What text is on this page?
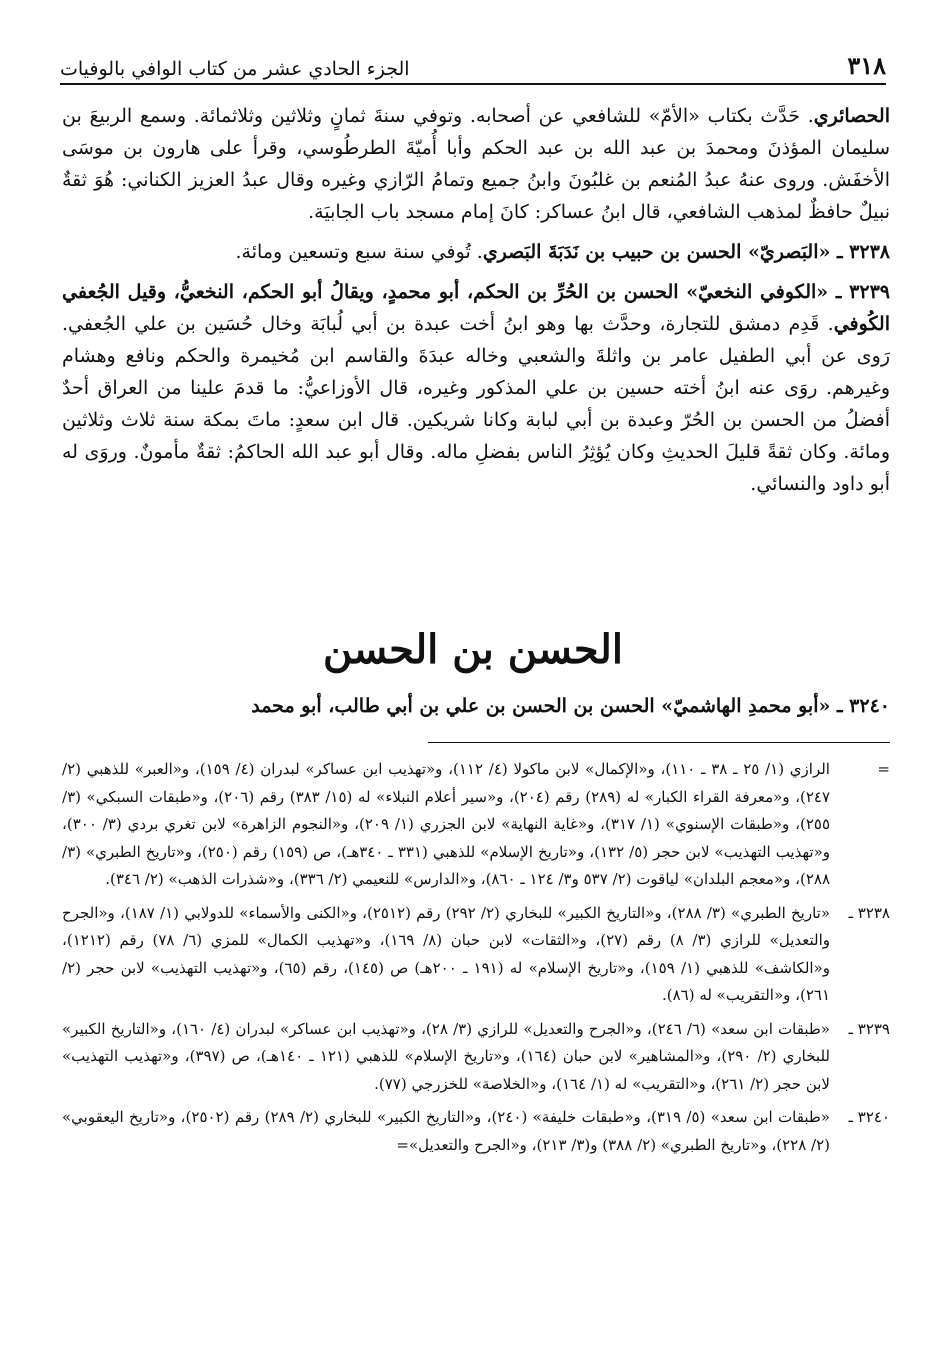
٣١٨
الجزء الحادي عشر من كتاب الوافي بالوفيات

الحصائري. حَدَّث بكتاب «الأمّ» للشافعي عن أصحابه. وتوفي سنةَ ثمانٍ وثلاثين وثلاثمائة. وسمع الربيعَ بن سليمان المؤذنَ ومحمدَ بن عبد الله بن عبد الحكم وأبا أُميّةَ الطرطُوسي، وقرأ على هارون بن موسَى الأخفَش. وروى عنهُ عبدُ المُنعم بن غلبُونَ وابنُ جميع وتمامُ الرّازي وغيره وقال عبدُ العزيز الكناني: هُوَ ثقةٌ نبيلٌ حافظٌ لمذهب الشافعي، قال ابنُ عساكر: كانَ إمام مسجد باب الجابيَة.

٣٢٣٨ ـ «البَصريّ» الحسن بن حبيب بن نَدَبَةَ البَصري. تُوفي سنة سبع وتسعين ومائة.

٣٢٣٩ ـ «الكوفي النخعيّ» الحسن بن الحُرِّ بن الحكم، أبو محمدٍ، ويقالُ أبو الحكم، النخعيُّ، وقيل الجُعفي الكُوفي. قَدِم دمشق للتجارة، وحدَّث بها وهو ابنُ أخت عبدة بن أبي لُبابَة وخال حُسَين بن علي الجُعفي. رَوى عن أبي الطفيل عامر بن واثلةَ والشعبي وخاله عبدَةَ والقاسم ابن مُخيمرة والحكم ونافع وهشام وغيرهم. روَى عنه ابنُ أخته حسين بن علي المذكور وغيره، قال الأوزاعيُّ: ما قدمَ علينا من العراق أحدٌ أفضلُ من الحسن بن الحُرّ وعبدة بن أبي لبابة وكانا شريكين. قال ابن سعدٍ: ماتَ بمكة سنة ثلاث وثلاثين ومائة. وكان ثقةً قليلَ الحديثِ وكان يُؤثِرُ الناس بفضلِ ماله. وقال أبو عبد الله الحاكمُ: ثقةٌ مأمونٌ. وروَى له أبو داود والنسائي.

الحسن بن الحسن
٣٢٤٠ ـ «أبو محمدِ الهاشميّ» الحسن بن الحسن بن علي بن أبي طالب، أبو محمد
=
الرازي (١/ ٢٥ ـ ٣٨ ـ ١١٠)، و«الإكمال» لابن ماكولا (٤/ ١١٢)، و«تهذيب ابن عساكر» لبدران (٤/ ١٥٩)، و«العبر» للذهبي (٢/ ٢٤٧)، و«معرفة القراء الكبار» له (٢٨٩) رقم (٢٠٤)، و«سير أعلام النبلاء» له (١٥/ ٣٨٣) رقم (٢٠٦)، و«طبقات السبكي» (٣/ ٢٥٥)، و«طبقات الإسنوي» (١/ ٣١٧)، و«غاية النهاية» لابن الجزري (١/ ٢٠٩)، و«النجوم الزاهرة» لابن تغري بردي (٣/ ٣٠٠)، و«تهذيب التهذيب» لابن حجر (٥/ ١٣٢)، و«تاريخ الإسلام» للذهبي (٣٣١ ـ ٣٤٠هـ)، ص (١٥٩) رقم (٢٥٠)، و«تاريخ الطبري» (٣/ ٢٨٨)، و«معجم البلدان» لياقوت (٢/ ٥٣٧ و٣/ ١٢٤ ـ ٨٦٠)، و«الدارس» للنعيمي (٢/ ٣٣٦)، و«شذرات الذهب» (٢/ ٣٤٦).
٣٢٣٨ ـ
«تاريخ الطبري» (٣/ ٢٨٨)، و«التاريخ الكبير» للبخاري (٢/ ٢٩٢) رقم (٢٥١٢)، و«الكنى والأسماء» للدولابي (١/ ١٨٧)، و«الجرح والتعديل» للرازي (٣/ ٨) رقم (٢٧)، و«الثقات» لابن حبان (٨/ ١٦٩)، و«تهذيب الكمال» للمزي (٦/ ٧٨) رقم (١٢١٢)، و«الكاشف» للذهبي (١/ ١٥٩)، و«تاريخ الإسلام» له (١٩١ ـ ٢٠٠هـ) ص (١٤٥)، رقم (٦٥)، و«تهذيب التهذيب» لابن حجر (٢/ ٢٦١)، و«التقريب» له (٨٦).
٣٢٣٩ ـ
«طبقات ابن سعد» (٦/ ٢٤٦)، و«الجرح والتعديل» للرازي (٣/ ٢٨)، و«تهذيب ابن عساكر» لبدران (٤/ ١٦٠)، و«التاريخ الكبير» للبخاري (٢/ ٢٩٠)، و«المشاهير» لابن حبان (١٦٤)، و«تاريخ الإسلام» للذهبي (١٢١ ـ ١٤٠هـ)، ص (٣٩٧)، و«تهذيب التهذيب» لابن حجر (٢/ ٢٦١)، و«التقريب» له (١/ ١٦٤)، و«الخلاصة» للخزرجي (٧٧).
٣٢٤٠ ـ
«طبقات ابن سعد» (٥/ ٣١٩)، و«طبقات خليفة» (٢٤٠)، و«التاريخ الكبير» للبخاري (٢/ ٢٨٩) رقم (٢٥٠٢)، و«تاريخ اليعقوبي» (٢/ ٢٢٨)، و«تاريخ الطبري» (٢/ ٣٨٨) و(٣/ ٢١٣)، و«الجرح والتعديل»=
